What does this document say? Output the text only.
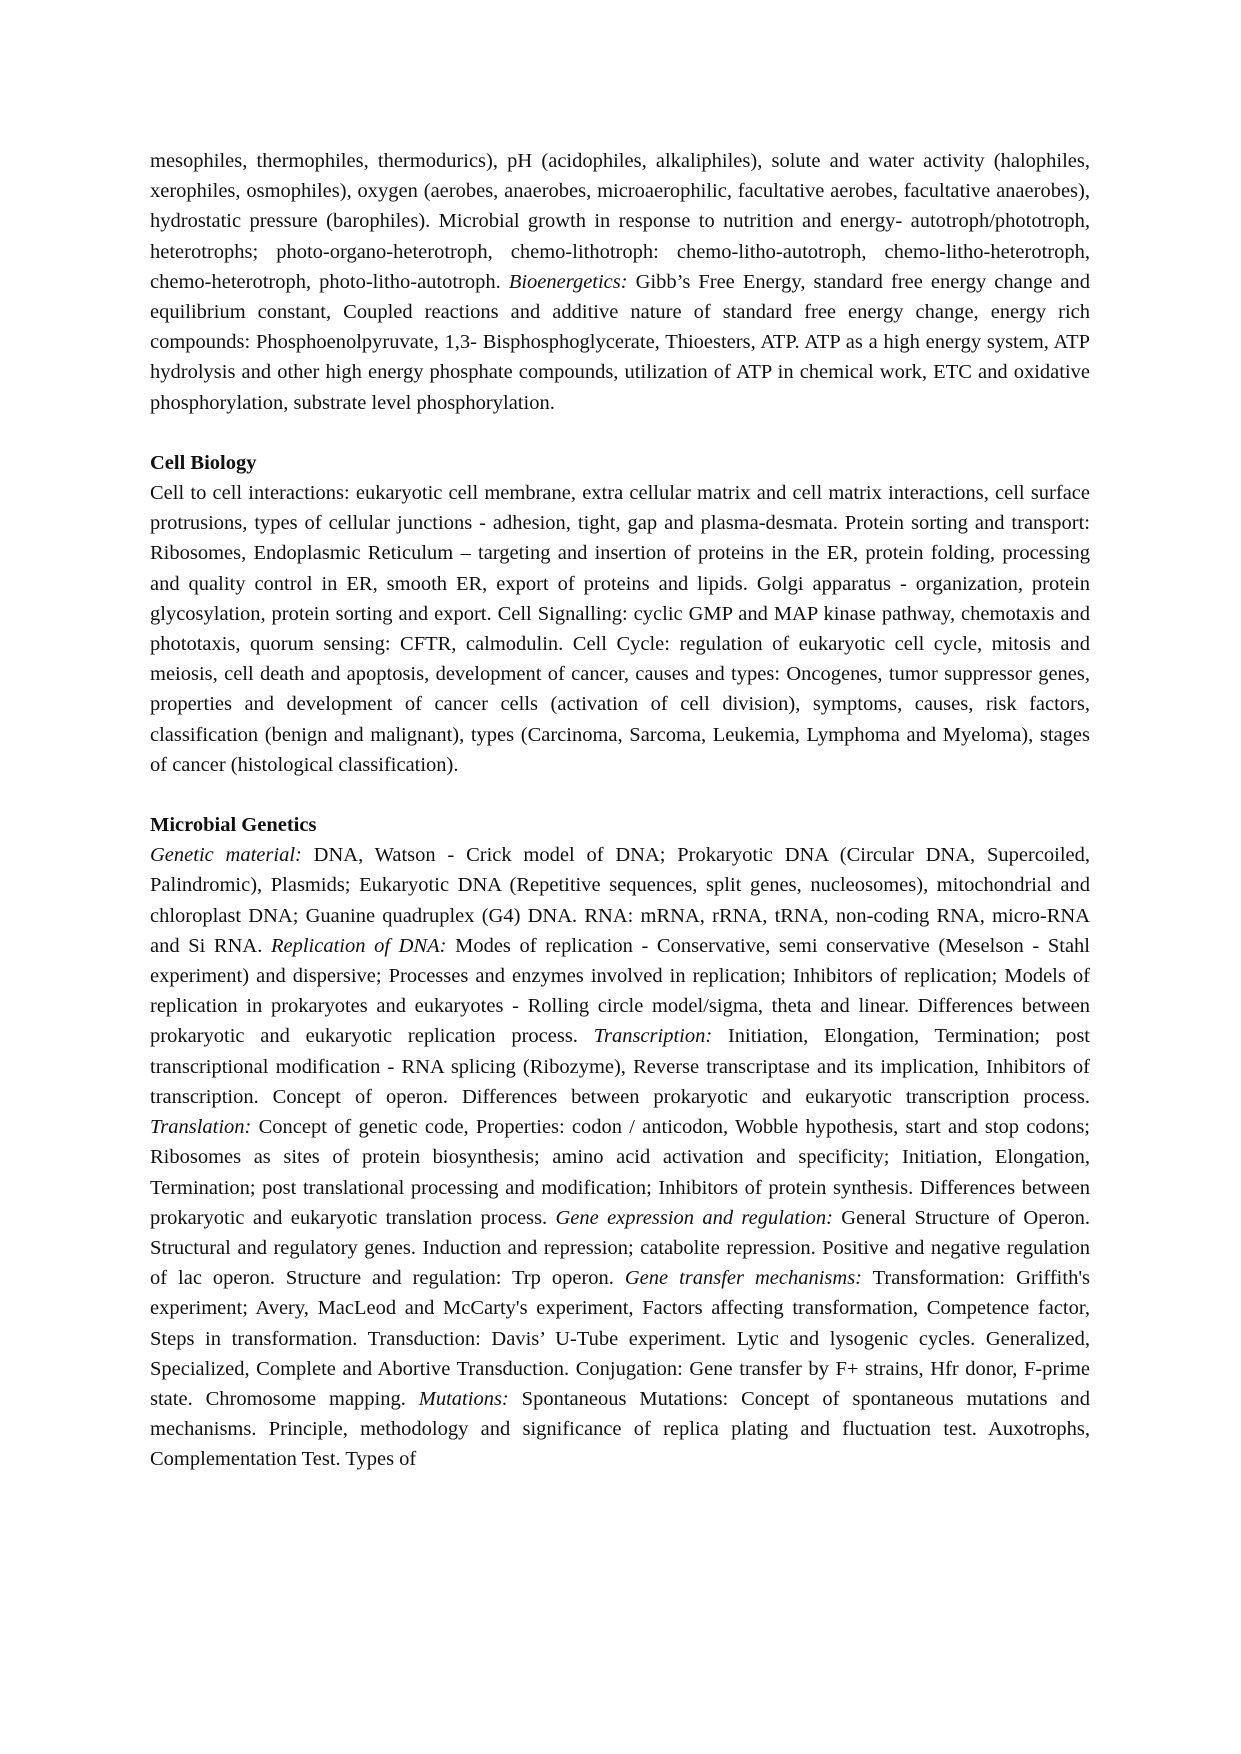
mesophiles, thermophiles, thermodurics), pH (acidophiles, alkaliphiles), solute and water activity (halophiles, xerophiles, osmophiles), oxygen (aerobes, anaerobes, microaerophilic, facultative aerobes, facultative anaerobes), hydrostatic pressure (barophiles). Microbial growth in response to nutrition and energy- autotroph/phototroph, heterotrophs; photo-organo-heterotroph, chemo-lithotroph: chemo-litho-autotroph, chemo-litho-heterotroph, chemo-heterotroph, photo-litho-autotroph. Bioenergetics: Gibb’s Free Energy, standard free energy change and equilibrium constant, Coupled reactions and additive nature of standard free energy change, energy rich compounds: Phosphoenolpyruvate, 1,3- Bisphosphoglycerate, Thioesters, ATP. ATP as a high energy system, ATP hydrolysis and other high energy phosphate compounds, utilization of ATP in chemical work, ETC and oxidative phosphorylation, substrate level phosphorylation.

Cell Biology

Cell to cell interactions: eukaryotic cell membrane, extra cellular matrix and cell matrix interactions, cell surface protrusions, types of cellular junctions - adhesion, tight, gap and plasma-desmata. Protein sorting and transport: Ribosomes, Endoplasmic Reticulum – targeting and insertion of proteins in the ER, protein folding, processing and quality control in ER, smooth ER, export of proteins and lipids. Golgi apparatus - organization, protein glycosylation, protein sorting and export. Cell Signalling: cyclic GMP and MAP kinase pathway, chemotaxis and phototaxis, quorum sensing: CFTR, calmodulin. Cell Cycle: regulation of eukaryotic cell cycle, mitosis and meiosis, cell death and apoptosis, development of cancer, causes and types: Oncogenes, tumor suppressor genes, properties and development of cancer cells (activation of cell division), symptoms, causes, risk factors, classification (benign and malignant), types (Carcinoma, Sarcoma, Leukemia, Lymphoma and Myeloma), stages of cancer (histological classification).

Microbial Genetics

Genetic material: DNA, Watson - Crick model of DNA; Prokaryotic DNA (Circular DNA, Supercoiled, Palindromic), Plasmids; Eukaryotic DNA (Repetitive sequences, split genes, nucleosomes), mitochondrial and chloroplast DNA; Guanine quadruplex (G4) DNA. RNA: mRNA, rRNA, tRNA, non-coding RNA, micro-RNA and Si RNA. Replication of DNA: Modes of replication - Conservative, semi conservative (Meselson - Stahl experiment) and dispersive; Processes and enzymes involved in replication; Inhibitors of replication; Models of replication in prokaryotes and eukaryotes - Rolling circle model/sigma, theta and linear. Differences between prokaryotic and eukaryotic replication process. Transcription: Initiation, Elongation, Termination; post transcriptional modification - RNA splicing (Ribozyme), Reverse transcriptase and its implication, Inhibitors of transcription. Concept of operon. Differences between prokaryotic and eukaryotic transcription process. Translation: Concept of genetic code, Properties: codon / anticodon, Wobble hypothesis, start and stop codons; Ribosomes as sites of protein biosynthesis; amino acid activation and specificity; Initiation, Elongation, Termination; post translational processing and modification; Inhibitors of protein synthesis. Differences between prokaryotic and eukaryotic translation process. Gene expression and regulation: General Structure of Operon. Structural and regulatory genes. Induction and repression; catabolite repression. Positive and negative regulation of lac operon. Structure and regulation: Trp operon. Gene transfer mechanisms: Transformation: Griffith's experiment; Avery, MacLeod and McCarty's experiment, Factors affecting transformation, Competence factor, Steps in transformation. Transduction: Davis’ U-Tube experiment. Lytic and lysogenic cycles. Generalized, Specialized, Complete and Abortive Transduction. Conjugation: Gene transfer by F+ strains, Hfr donor, F-prime state. Chromosome mapping. Mutations: Spontaneous Mutations: Concept of spontaneous mutations and mechanisms. Principle, methodology and significance of replica plating and fluctuation test. Auxotrophs, Complementation Test. Types of
